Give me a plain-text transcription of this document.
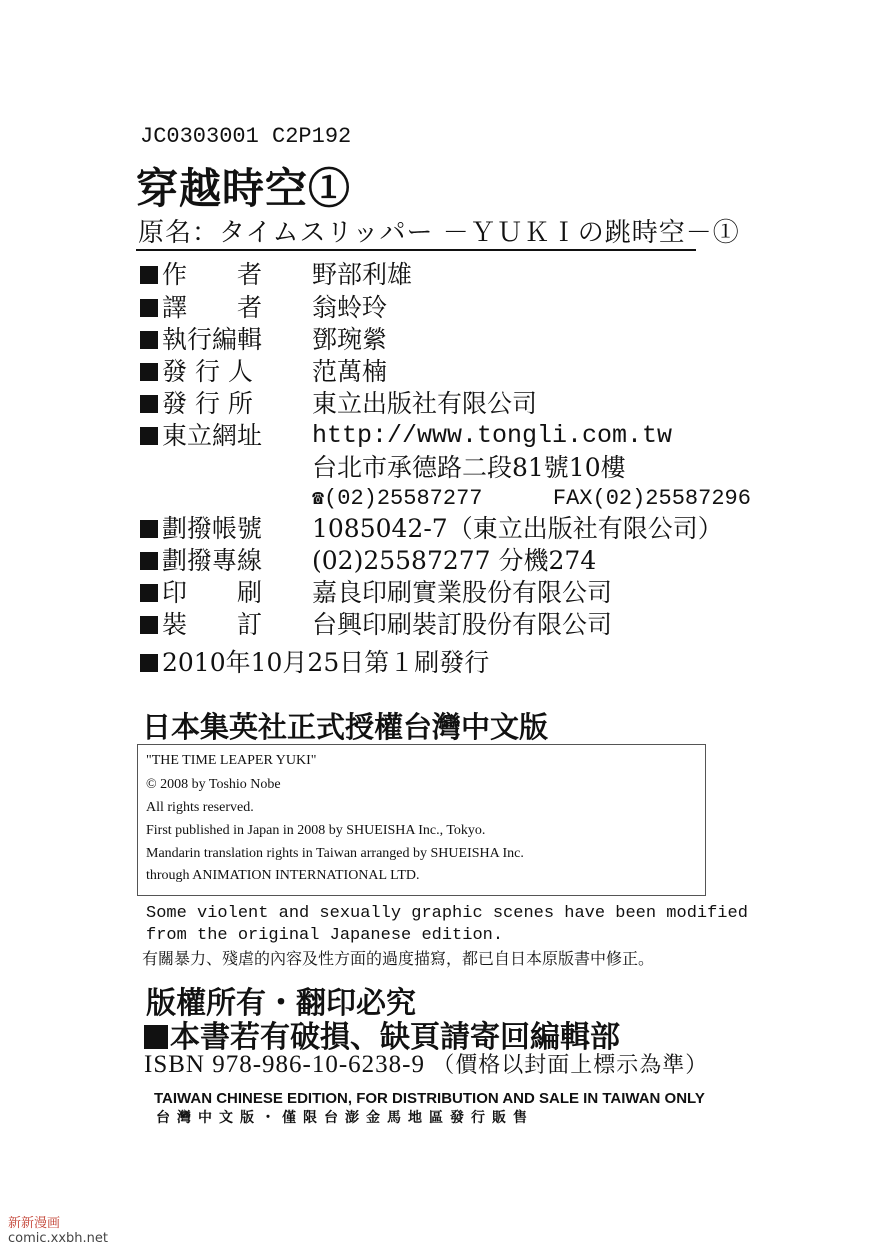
JC0303001 C2P192
穿越時空①
原名：タイムスリッパー －ＹＵＫＩの跳時空－①
作　　者	野部利雄
譯　　者	翁蛉玲
執行編輯	鄧琬縈
發 行 人	范萬楠
發 行 所	東立出版社有限公司
東立網址	http://www.tongli.com.tw
台北市承德路二段81號10樓
☎(02)25587277	FAX(02)25587296
劃撥帳號	1085042-7（東立出版社有限公司）
劃撥專線	(02)25587277 分機274
印　　刷	嘉良印刷實業股份有限公司
裝　　訂	台興印刷裝訂股份有限公司
2010年10月25日第１刷發行
日本集英社正式授權台灣中文版
"THE TIME LEAPER YUKI"
© 2008 by Toshio Nobe
All rights reserved.
First published in Japan in 2008 by SHUEISHA Inc., Tokyo.
Mandarin translation rights in Taiwan arranged by SHUEISHA Inc.
through ANIMATION INTERNATIONAL LTD.
Some violent and sexually graphic scenes have been modified
from the original Japanese edition.
有關暴力、殘虐的內容及性方面的過度描寫，都已自日本原版書中修正。
版權所有・翻印必究
本書若有破損、缺頁請寄回編輯部
ISBN 978-986-10-6238-9 （價格以封面上標示為準）
TAIWAN CHINESE EDITION, FOR DISTRIBUTION AND SALE IN TAIWAN ONLY
台灣中文版・僅限台澎金馬地區發行販售
新新漫画
comic.xxbh.net
